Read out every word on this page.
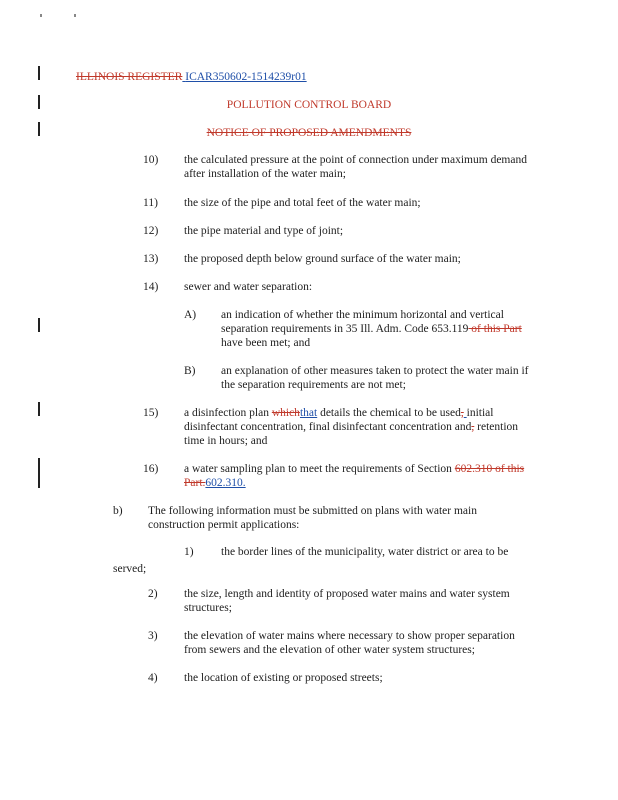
ILLINOIS REGISTER ICAR350602-1514239r01
POLLUTION CONTROL BOARD
NOTICE OF PROPOSED AMENDMENTS
10) the calculated pressure at the point of connection under maximum demand
after installation of the water main;
11) the size of the pipe and total feet of the water main;
12) the pipe material and type of joint;
13) the proposed depth below ground surface of the water main;
14) sewer and water separation:
A) an indication of whether the minimum horizontal and vertical
separation requirements in 35 Ill. Adm. Code 653.119 of this Part
have been met; and
B) an explanation of other measures taken to protect the water main if
the separation requirements are not met;
15) a disinfection plan whichthat details the chemical to be used, initial
disinfectant concentration, final disinfectant concentration and, retention
time in hours; and
16) a water sampling plan to meet the requirements of Section 602.310 of this
Part.602.310.
b) The following information must be submitted on plans with water main
construction permit applications:
1) the border lines of the municipality, water district or area to be
served;
2) the size, length and identity of proposed water mains and water system
structures;
3) the elevation of water mains where necessary to show proper separation
from sewers and the elevation of other water system structures;
4) the location of existing or proposed streets;
